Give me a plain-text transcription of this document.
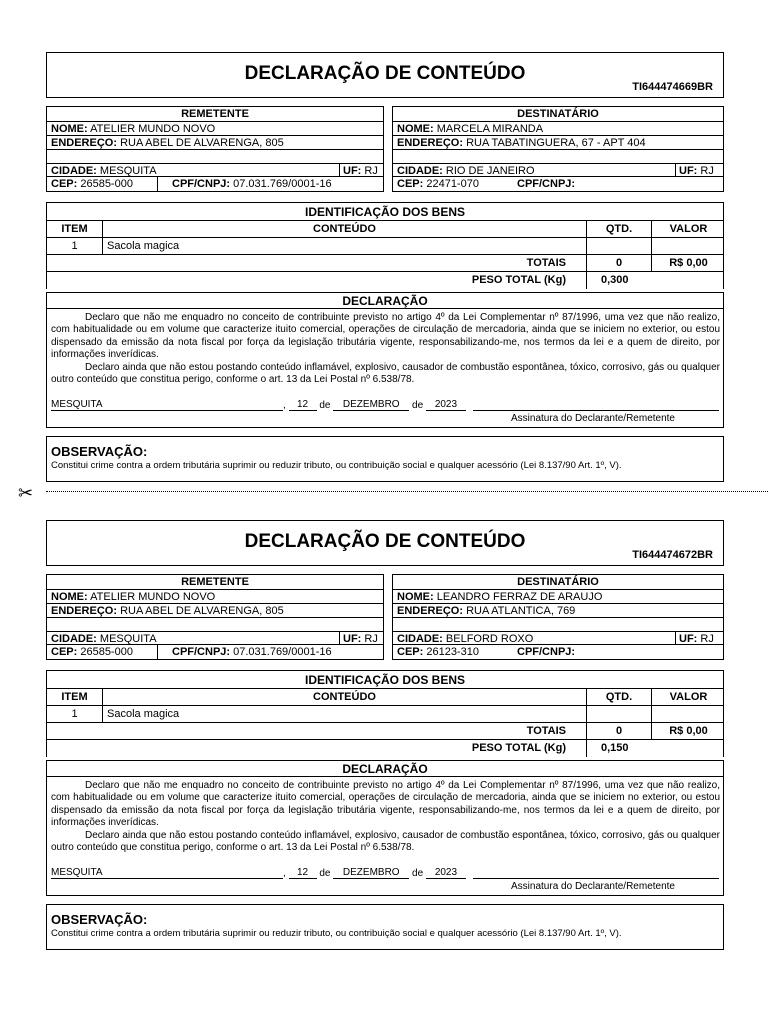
DECLARAÇÃO DE CONTEÚDO
TI644474669BR
REMETENTE
NOME: ATELIER MUNDO NOVO
ENDEREÇO: RUA ABEL DE ALVARENGA, 805
CIDADE: MESQUITA	UF: RJ
CEP: 26585-000	CPF/CNPJ: 07.031.769/0001-16
DESTINATÁRIO
NOME: MARCELA MIRANDA
ENDEREÇO: RUA TABATINGUERA, 67 - APT 404
CIDADE: RIO DE JANEIRO	UF: RJ
CEP: 22471-070	CPF/CNPJ:
IDENTIFICAÇÃO DOS BENS
ITEM	CONTEÚDO	QTD.	VALOR
1	Sacola magica
TOTAIS	0	R$ 0,00
PESO TOTAL (Kg)	0,300
DECLARAÇÃO

Declaro que não me enquadro no conceito de contribuinte previsto no artigo 4º da Lei Complementar nº 87/1996, uma vez que não realizo, com habitualidade ou em volume que caracterize ituito comercial, operações de circulação de mercadoria, ainda que se iniciem no exterior, ou estou dispensado da emissão da nota fiscal por força da legislação tributária vigente, responsabilizando-me, nos termos da lei e a quem de direito, por informações inverídicas.

Declaro ainda que não estou postando conteúdo inflamável, explosivo, causador de combustão espontânea, tóxico, corrosivo, gás ou qualquer outro conteúdo que constitua perigo, conforme o art. 13 da Lei Postal nº 6.538/78.

MESQUITA	, 12 de DEZEMBRO de 2023
Assinatura do Declarante/Remetente
OBSERVAÇÃO:
Constitui crime contra a ordem tributária suprimir ou reduzir tributo, ou contribuição social e qualquer acessório (Lei 8.137/90 Art. 1º, V).
✂
DECLARAÇÃO DE CONTEÚDO
TI644474672BR
REMETENTE
NOME: ATELIER MUNDO NOVO
ENDEREÇO: RUA ABEL DE ALVARENGA, 805
CIDADE: MESQUITA	UF: RJ
CEP: 26585-000	CPF/CNPJ: 07.031.769/0001-16
DESTINATÁRIO
NOME: LEANDRO FERRAZ DE ARAUJO
ENDEREÇO: RUA ATLANTICA, 769
CIDADE: BELFORD ROXO	UF: RJ
CEP: 26123-310	CPF/CNPJ:
IDENTIFICAÇÃO DOS BENS
ITEM	CONTEÚDO	QTD.	VALOR
1	Sacola magica
TOTAIS	0	R$ 0,00
PESO TOTAL (Kg)	0,150
DECLARAÇÃO

Declaro que não me enquadro no conceito de contribuinte previsto no artigo 4º da Lei Complementar nº 87/1996, uma vez que não realizo, com habitualidade ou em volume que caracterize ituito comercial, operações de circulação de mercadoria, ainda que se iniciem no exterior, ou estou dispensado da emissão da nota fiscal por força da legislação tributária vigente, responsabilizando-me, nos termos da lei e a quem de direito, por informações inverídicas.

Declaro ainda que não estou postando conteúdo inflamável, explosivo, causador de combustão espontânea, tóxico, corrosivo, gás ou qualquer outro conteúdo que constitua perigo, conforme o art. 13 da Lei Postal nº 6.538/78.

MESQUITA	, 12 de DEZEMBRO de 2023
Assinatura do Declarante/Remetente
OBSERVAÇÃO:
Constitui crime contra a ordem tributária suprimir ou reduzir tributo, ou contribuição social e qualquer acessório (Lei 8.137/90 Art. 1º, V).
